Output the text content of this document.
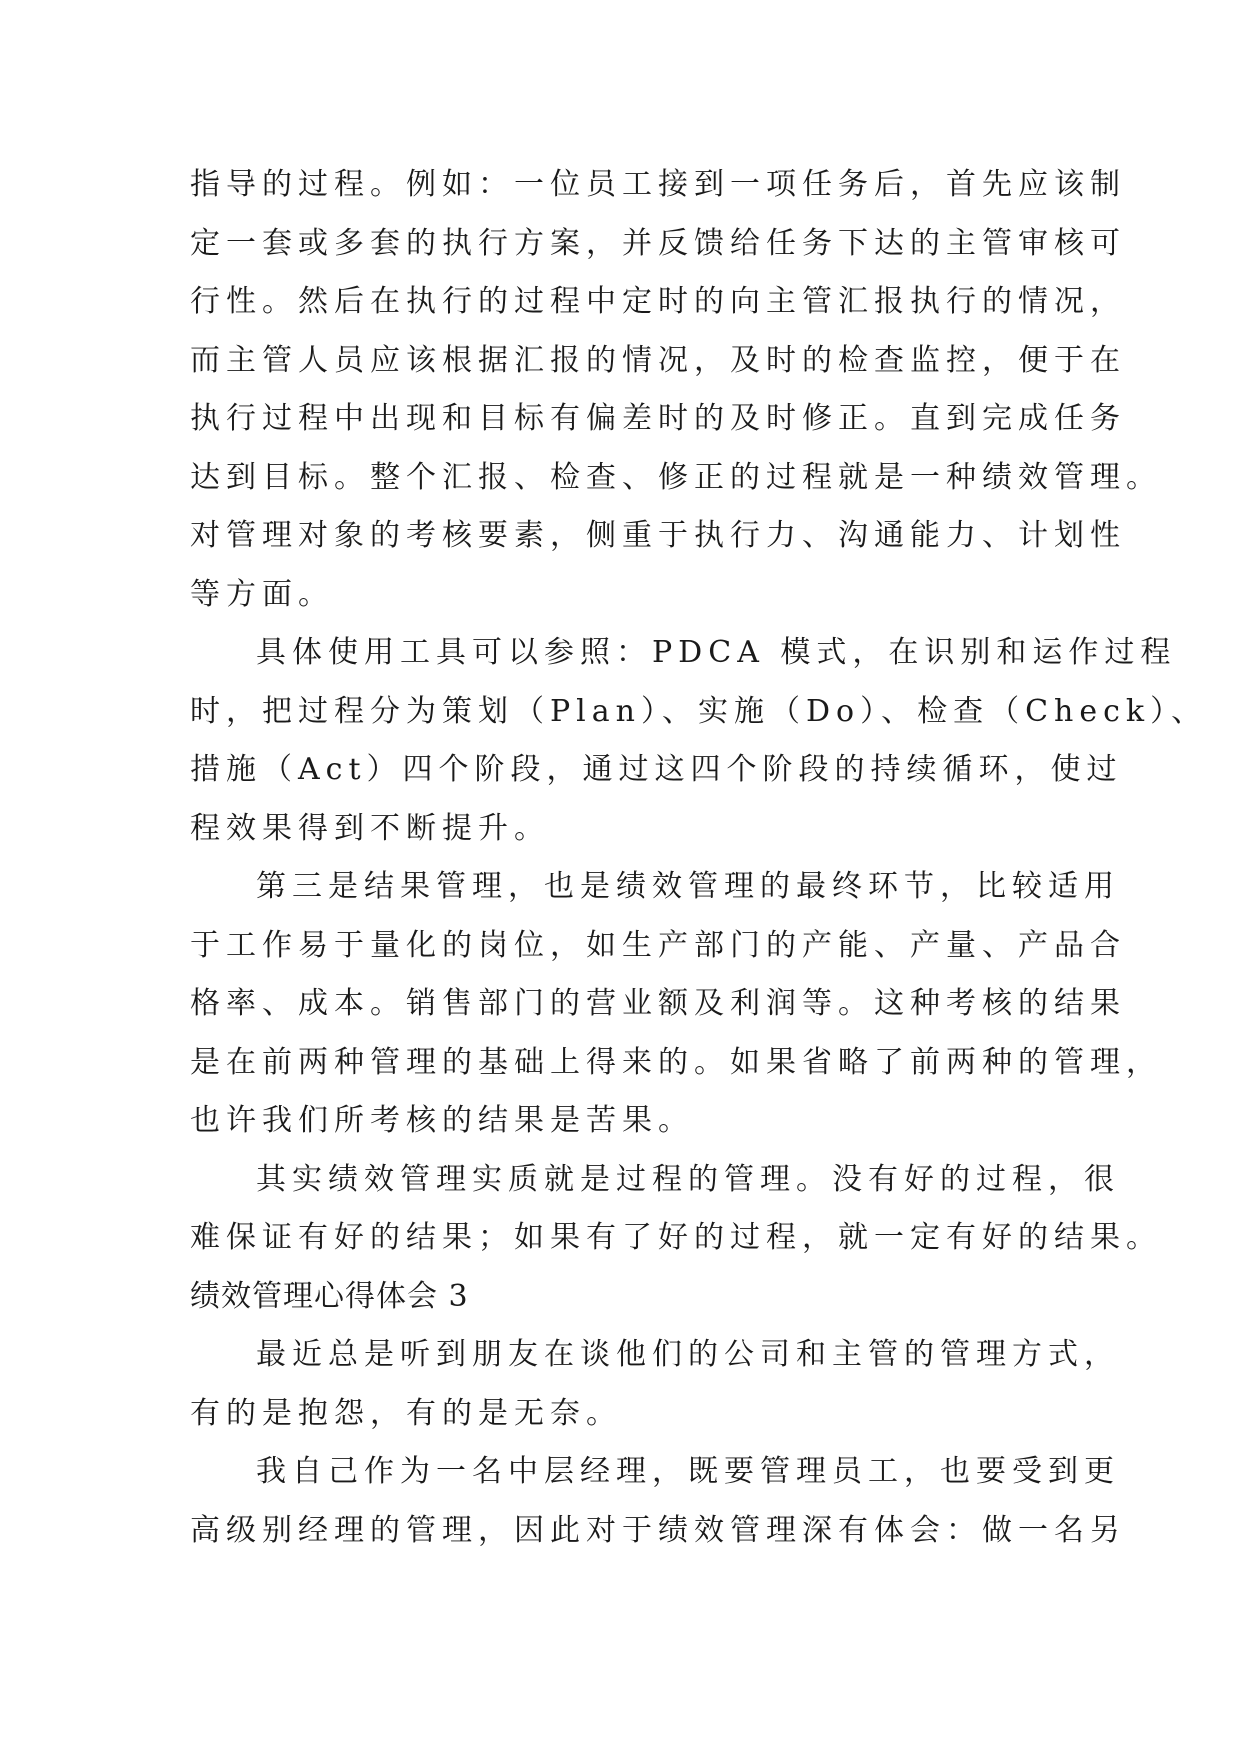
指导的过程。例如：一位员工接到一项任务后，首先应该制
定一套或多套的执行方案，并反馈给任务下达的主管审核可
行性。然后在执行的过程中定时的向主管汇报执行的情况，
而主管人员应该根据汇报的情况，及时的检查监控，便于在
执行过程中出现和目标有偏差时的及时修正。直到完成任务
达到目标。整个汇报、检查、修正的过程就是一种绩效管理。
对管理对象的考核要素，侧重于执行力、沟通能力、计划性
等方面。
具体使用工具可以参照：PDCA 模式，在识别和运作过程
时，把过程分为策划（Plan）、实施（Do）、检查（Check）、
措施（Act）四个阶段，通过这四个阶段的持续循环，使过
程效果得到不断提升。
第三是结果管理，也是绩效管理的最终环节，比较适用
于工作易于量化的岗位，如生产部门的产能、产量、产品合
格率、成本。销售部门的营业额及利润等。这种考核的结果
是在前两种管理的基础上得来的。如果省略了前两种的管理，
也许我们所考核的结果是苦果。
其实绩效管理实质就是过程的管理。没有好的过程，很
难保证有好的结果；如果有了好的过程，就一定有好的结果。
绩效管理心得体会 3
最近总是听到朋友在谈他们的公司和主管的管理方式，
有的是抱怨，有的是无奈。
我自己作为一名中层经理，既要管理员工，也要受到更
高级别经理的管理，因此对于绩效管理深有体会：做一名另
